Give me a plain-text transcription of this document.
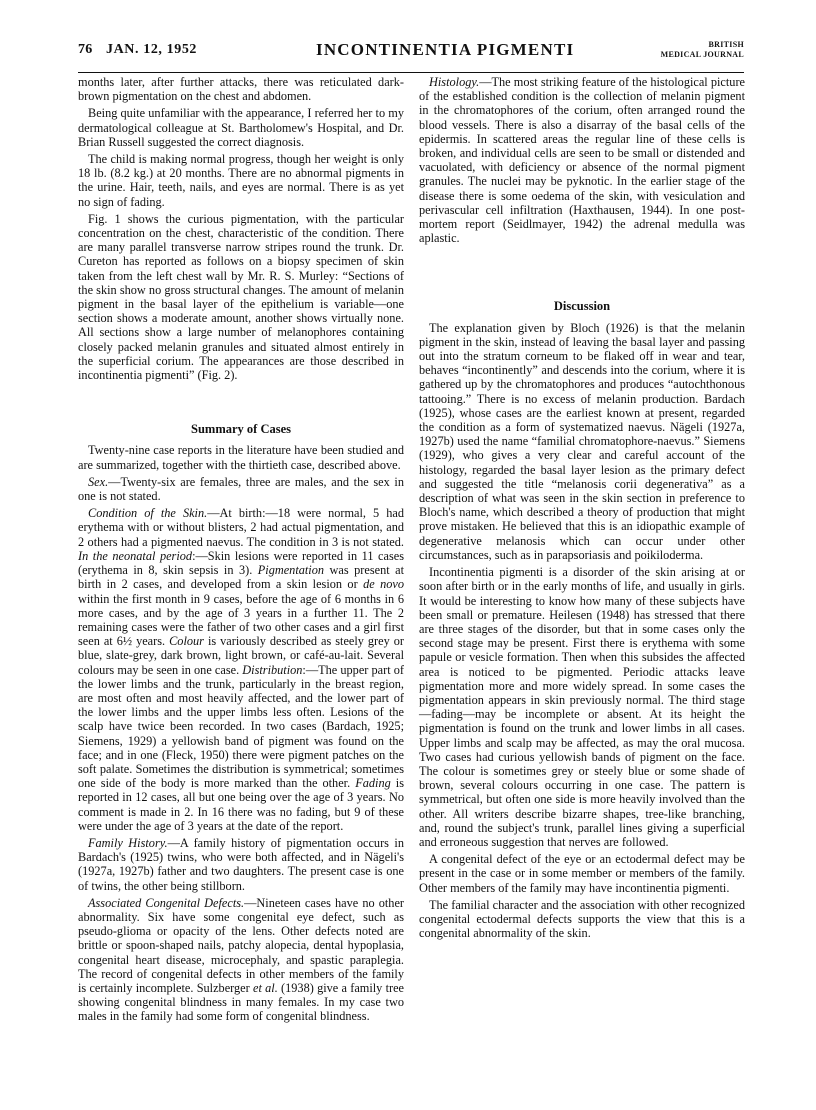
76 JAN. 12, 1952	INCONTINENTIA PIGMENTI	BRITISH
MEDICAL JOURNAL

months later, after further attacks, there was reticulated dark-brown pigmentation on the chest and abdomen.

Being quite unfamiliar with the appearance, I referred her to my dermatological colleague at St. Bartholomew's Hospital, and Dr. Brian Russell suggested the correct diagnosis.

The child is making normal progress, though her weight is only 18 lb. (8.2 kg.) at 20 months. There are no abnormal pigments in the urine. Hair, teeth, nails, and eyes are normal. There is as yet no sign of fading.

Fig. 1 shows the curious pigmentation, with the particular concentration on the chest, characteristic of the condition. There are many parallel transverse narrow stripes round the trunk. Dr. Cureton has reported as follows on a biopsy specimen of skin taken from the left chest wall by Mr. R. S. Murley: “Sections of the skin show no gross structural changes. The amount of melanin pigment in the basal layer of the epithelium is variable—one section shows a moderate amount, another shows virtually none. All sections show a large number of melanophores containing closely packed melanin granules and situated almost entirely in the superficial corium. The appearances are those described in incontinentia pigmenti” (Fig. 2).

Summary of Cases

Twenty-nine case reports in the literature have been studied and are summarized, together with the thirtieth case, described above.

Sex.—Twenty-six are females, three are males, and the sex in one is not stated.

Condition of the Skin.—At birth:—18 were normal, 5 had erythema with or without blisters, 2 had actual pigmentation, and 2 others had a pigmented naevus. The condition in 3 is not stated. In the neonatal period:—Skin lesions were reported in 11 cases (erythema in 8, skin sepsis in 3). Pigmentation was present at birth in 2 cases, and developed from a skin lesion or de novo within the first month in 9 cases, before the age of 6 months in 6 more cases, and by the age of 3 years in a further 11. The 2 remaining cases were the father of two other cases and a girl first seen at 6½ years. Colour is variously described as steely grey or blue, slate-grey, dark brown, light brown, or café-au-lait. Several colours may be seen in one case. Distribution:—The upper part of the lower limbs and the trunk, particularly in the breast region, are most often and most heavily affected, and the lower part of the lower limbs and the upper limbs less often. Lesions of the scalp have twice been recorded. In two cases (Bardach, 1925; Siemens, 1929) a yellowish band of pigment was found on the face; and in one (Fleck, 1950) there were pigment patches on the soft palate. Sometimes the distribution is symmetrical; sometimes one side of the body is more marked than the other. Fading is reported in 12 cases, all but one being over the age of 3 years. No comment is made in 2. In 16 there was no fading, but 9 of these were under the age of 3 years at the date of the report.

Family History.—A family history of pigmentation occurs in Bardach's (1925) twins, who were both affected, and in Nägeli's (1927a, 1927b) father and two daughters. The present case is one of twins, the other being stillborn.

Associated Congenital Defects.—Nineteen cases have no other abnormality. Six have some congenital eye defect, such as pseudo-glioma or opacity of the lens. Other defects noted are brittle or spoon-shaped nails, patchy alopecia, dental hypoplasia, congenital heart disease, microcephaly, and spastic paraplegia. The record of congenital defects in other members of the family is certainly incomplete. Sulzberger et al. (1938) give a family tree showing congenital blindness in many females. In my case two males in the family had some form of congenital blindness.

Histology.—The most striking feature of the histological picture of the established condition is the collection of melanin pigment in the chromatophores of the corium, often arranged round the blood vessels. There is also a disarray of the basal cells of the epidermis. In scattered areas the regular line of these cells is broken, and individual cells are seen to be small or distended and vacuolated, with deficiency or absence of the normal pigment granules. The nuclei may be pyknotic. In the earlier stage of the disease there is some oedema of the skin, with vesiculation and perivascular cell infiltration (Haxthausen, 1944). In one post-mortem report (Seidlmayer, 1942) the adrenal medulla was aplastic.

Discussion

The explanation given by Bloch (1926) is that the melanin pigment in the skin, instead of leaving the basal layer and passing out into the stratum corneum to be flaked off in wear and tear, behaves “incontinently” and descends into the corium, where it is gathered up by the chromatophores and produces “autochthonous tattooing.” There is no excess of melanin production. Bardach (1925), whose cases are the earliest known at present, regarded the condition as a form of systematized naevus. Nägeli (1927a, 1927b) used the name “familial chromatophore-naevus.” Siemens (1929), who gives a very clear and careful account of the histology, regarded the basal layer lesion as the primary defect and suggested the title “melanosis corii degenerativa” as a description of what was seen in the skin section in preference to Bloch's name, which described a theory of production that might prove mistaken. He believed that this is an idiopathic example of degenerative melanosis which can occur under other circumstances, such as in parapsoriasis and poikiloderma.

Incontinentia pigmenti is a disorder of the skin arising at or soon after birth or in the early months of life, and usually in girls. It would be interesting to know how many of these subjects have been small or premature. Heilesen (1948) has stressed that there are three stages of the disorder, but that in some cases only the second stage may be present. First there is erythema with some papule or vesicle formation. Then when this subsides the affected area is noticed to be pigmented. Periodic attacks leave pigmentation more and more widely spread. In some cases the pigmentation appears in skin previously normal. The third stage —fading—may be incomplete or absent. At its height the pigmentation is found on the trunk and lower limbs in all cases. Upper limbs and scalp may be affected, as may the oral mucosa. Two cases had curious yellowish bands of pigment on the face. The colour is sometimes grey or steely blue or some shade of brown, several colours occurring in one case. The pattern is symmetrical, but often one side is more heavily involved than the other. All writers describe bizarre shapes, tree-like branching, and, round the subject's trunk, parallel lines giving a superficial and erroneous suggestion that nerves are followed.

A congenital defect of the eye or an ectodermal defect may be present in the case or in some member or members of the family. Other members of the family may have incontinentia pigmenti.

The familial character and the association with other recognized congenital ectodermal defects supports the view that this is a congenital abnormality of the skin.
